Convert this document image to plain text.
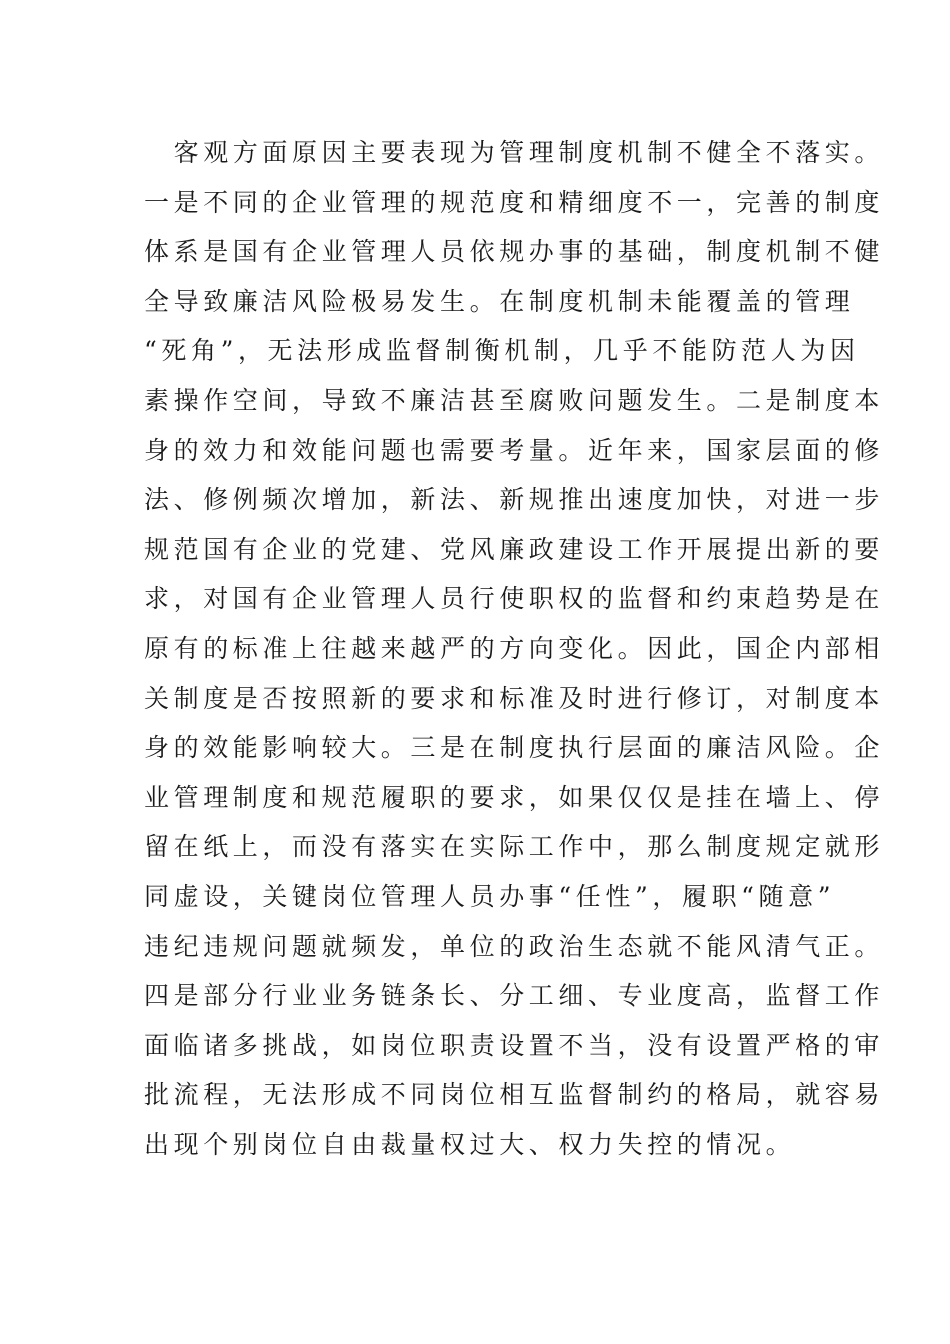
　客观方面原因主要表现为管理制度机制不健全不落实。
一是不同的企业管理的规范度和精细度不一，完善的制度
体系是国有企业管理人员依规办事的基础，制度机制不健
全导致廉洁风险极易发生。在制度机制未能覆盖的管理
“死角”，无法形成监督制衡机制，几乎不能防范人为因
素操作空间，导致不廉洁甚至腐败问题发生。二是制度本
身的效力和效能问题也需要考量。近年来，国家层面的修
法、修例频次增加，新法、新规推出速度加快，对进一步
规范国有企业的党建、党风廉政建设工作开展提出新的要
求，对国有企业管理人员行使职权的监督和约束趋势是在
原有的标准上往越来越严的方向变化。因此，国企内部相
关制度是否按照新的要求和标准及时进行修订，对制度本
身的效能影响较大。三是在制度执行层面的廉洁风险。企
业管理制度和规范履职的要求，如果仅仅是挂在墙上、停
留在纸上，而没有落实在实际工作中，那么制度规定就形
同虚设，关键岗位管理人员办事“任性”，履职“随意”
违纪违规问题就频发，单位的政治生态就不能风清气正。
四是部分行业业务链条长、分工细、专业度高，监督工作
面临诸多挑战，如岗位职责设置不当，没有设置严格的审
批流程，无法形成不同岗位相互监督制约的格局，就容易
出现个别岗位自由裁量权过大、权力失控的情况。
